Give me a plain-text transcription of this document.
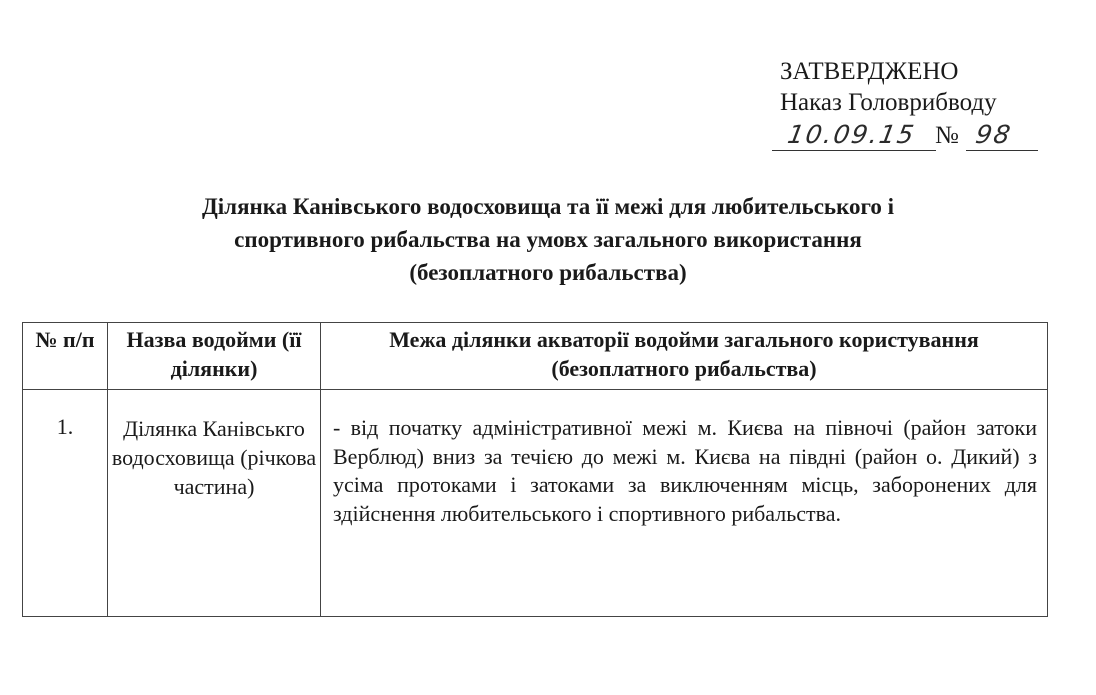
ЗАТВЕРДЖЕНО
Наказ Головрибводу
10.09.15 № 98
Ділянка Канівського водосховища та її межі для любительського і
спортивного рибальства на умовх загального використання
(безоплатного рибальства)
№ п/п	Назва водойми (її ділянки)	Межа ділянки акваторії водойми загального користування (безоплатного рибальства)
1.	Ділянка Канівськго водосховища (річкова частина)	- від початку адміністративної межі м. Києва на півночі (район затоки Верблюд) вниз за течією до межі м. Києва на півдні (район о. Дикий) з усіма протоками і затоками за виключенням місць, заборонених для здійснення любительського і спортивного рибальства.
